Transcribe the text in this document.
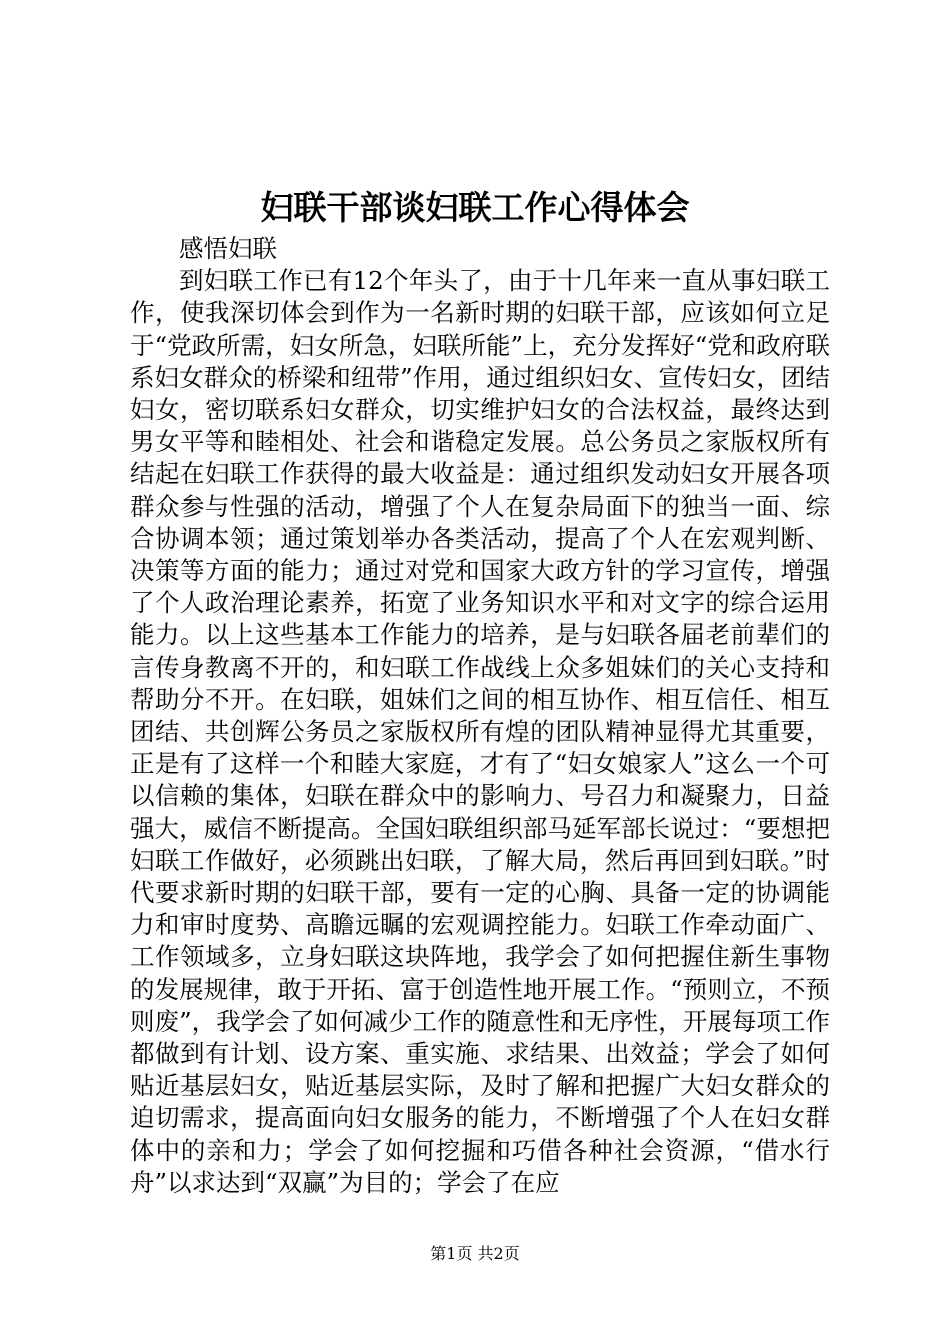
妇联干部谈妇联工作心得体会
感悟妇联
到妇联工作已有12个年头了，由于十几年来一直从事妇联工作，使我深切体会到作为一名新时期的妇联干部，应该如何立足于“党政所需，妇女所急，妇联所能”上，充分发挥好“党和政府联系妇女群众的桥梁和纽带”作用，通过组织妇女、宣传妇女，团结妇女，密切联系妇女群众，切实维护妇女的合法权益，最终达到男女平等和睦相处、社会和谐稳定发展。总公务员之家版权所有结起在妇联工作获得的最大收益是：通过组织发动妇女开展各项群众参与性强的活动，增强了个人在复杂局面下的独当一面、综合协调本领；通过策划举办各类活动，提高了个人在宏观判断、决策等方面的能力；通过对党和国家大政方针的学习宣传，增强了个人政治理论素养，拓宽了业务知识水平和对文字的综合运用能力。以上这些基本工作能力的培养，是与妇联各届老前辈们的言传身教离不开的，和妇联工作战线上众多姐妹们的关心支持和帮助分不开。在妇联，姐妹们之间的相互协作、相互信任、相互团结、共创辉公务员之家版权所有煌的团队精神显得尤其重要，正是有了这样一个和睦大家庭，才有了“妇女娘家人”这么一个可以信赖的集体，妇联在群众中的影响力、号召力和凝聚力，日益强大，威信不断提高。全国妇联组织部马延军部长说过：“要想把妇联工作做好，必须跳出妇联，了解大局，然后再回到妇联。”时代要求新时期的妇联干部，要有一定的心胸、具备一定的协调能力和审时度势、高瞻远瞩的宏观调控能力。妇联工作牵动面广、工作领域多，立身妇联这块阵地，我学会了如何把握住新生事物的发展规律，敢于开拓、富于创造性地开展工作。“预则立，不预则废”，我学会了如何减少工作的随意性和无序性，开展每项工作都做到有计划、设方案、重实施、求结果、出效益；学会了如何贴近基层妇女，贴近基层实际，及时了解和把握广大妇女群众的迫切需求，提高面向妇女服务的能力，不断增强了个人在妇女群体中的亲和力；学会了如何挖掘和巧借各种社会资源，“借水行舟”以求达到“双赢”为目的；学会了在应
第1页 共2页
